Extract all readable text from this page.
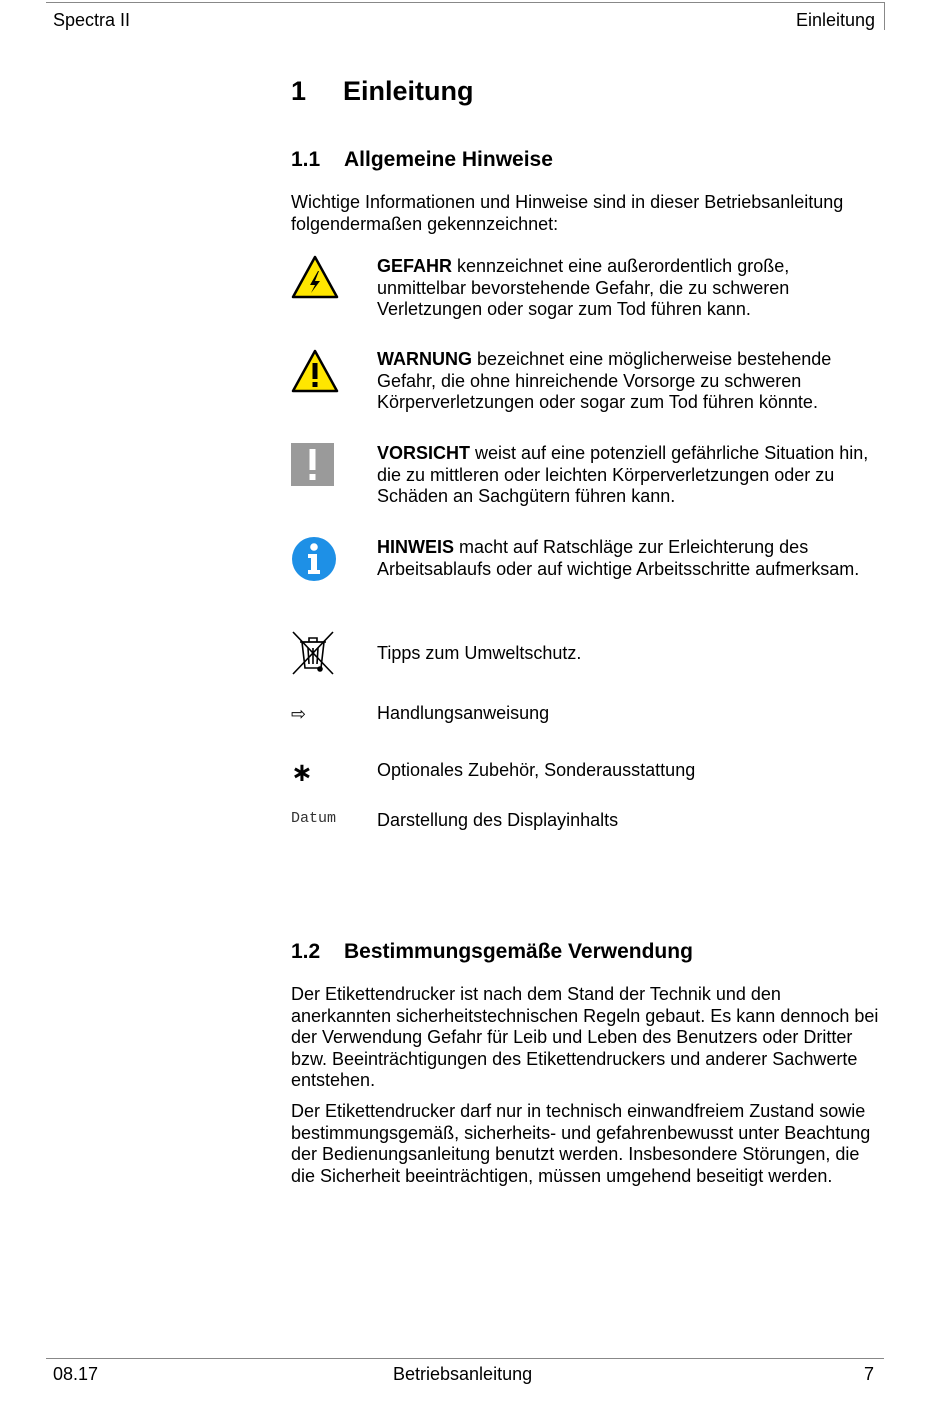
Spectra II	Einleitung
1 Einleitung
1.1 Allgemeine Hinweise
Wichtige Informationen und Hinweise sind in dieser Betriebsanleitung folgendermaßen gekennzeichnet:
GEFAHR kennzeichnet eine außerordentlich große, unmittelbar bevorstehende Gefahr, die zu schweren Verletzungen oder sogar zum Tod führen kann.
WARNUNG bezeichnet eine möglicherweise bestehende Gefahr, die ohne hinreichende Vorsorge zu schweren Körperverletzungen oder sogar zum Tod führen könnte.
VORSICHT weist auf eine potenziell gefährliche Situation hin, die zu mittleren oder leichten Körperverletzungen oder zu Schäden an Sachgütern führen kann.
HINWEIS macht auf Ratschläge zur Erleichterung des Arbeitsablaufs oder auf wichtige Arbeitsschritte aufmerksam.
Tipps zum Umweltschutz.
⇨	Handlungsanweisung
∗	Optionales Zubehör, Sonderausstattung
Datum Darstellung des Displayinhalts
1.2 Bestimmungsgemäße Verwendung
Der Etikettendrucker ist nach dem Stand der Technik und den anerkannten sicherheitstechnischen Regeln gebaut. Es kann dennoch bei der Verwendung Gefahr für Leib und Leben des Benutzers oder Dritter bzw. Beeinträchtigungen des Etikettendruckers und anderer Sachwerte entstehen.
Der Etikettendrucker darf nur in technisch einwandfreiem Zustand sowie bestimmungsgemäß, sicherheits- und gefahrenbewusst unter Beachtung der Bedienungsanleitung benutzt werden. Insbesondere Störungen, die die Sicherheit beeinträchtigen, müssen umgehend beseitigt werden.
08.17	Betriebsanleitung	7
